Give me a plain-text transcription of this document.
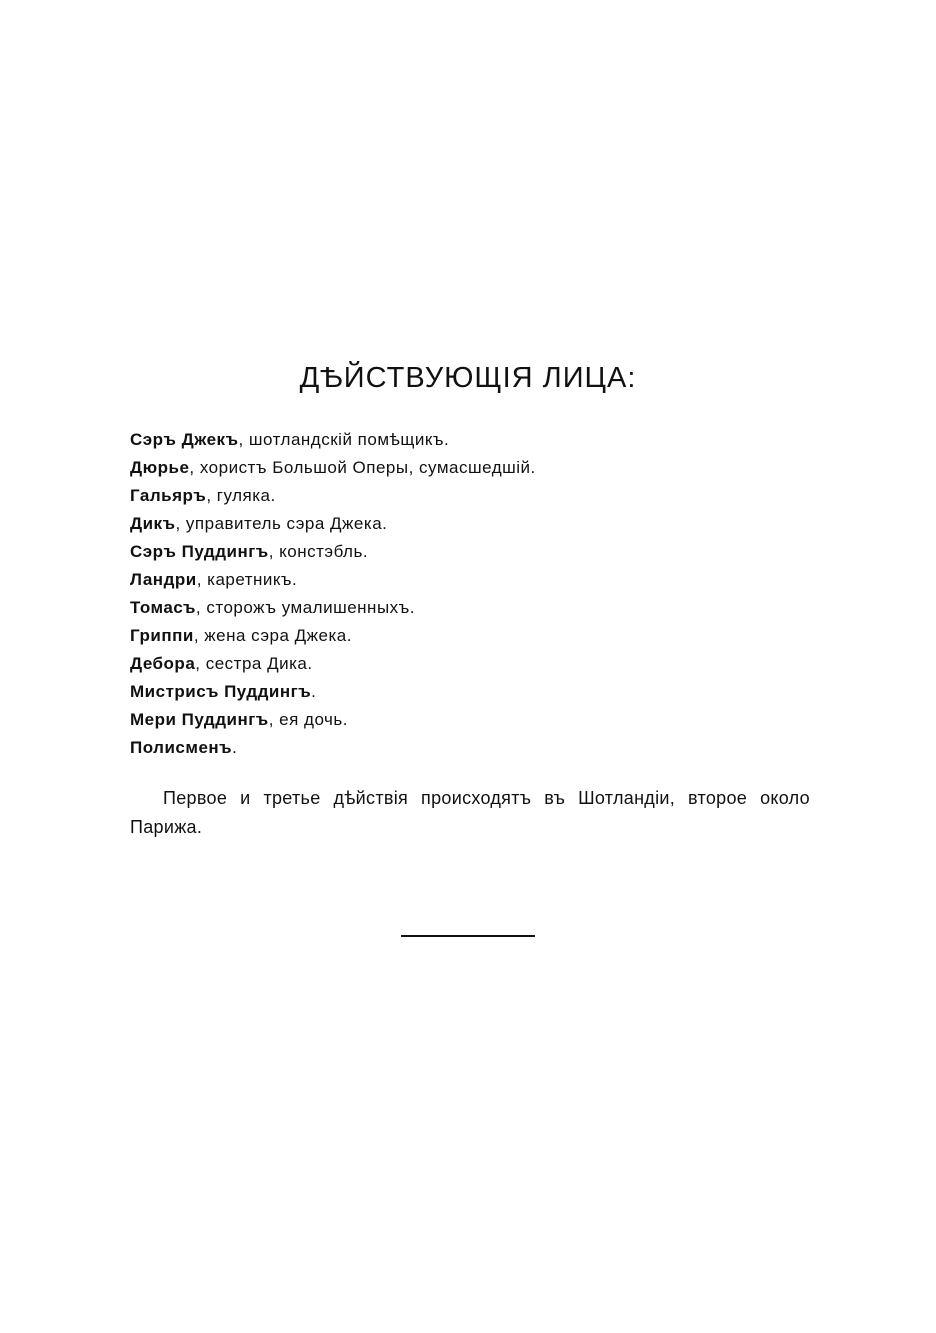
ДѢЙСТВУЮЩІЯ ЛИЦА:
Сэръ Джекъ, шотландскій помѣщикъ.
Дюрье, хористъ Большой Оперы, сумасшедшій.
Гальяръ, гуляка.
Дикъ, управитель сэра Джека.
Сэръ Пуддингъ, констэбль.
Ландри, каретникъ.
Томасъ, сторожъ умалишенныхъ.
Гриппи, жена сэра Джека.
Дебора, сестра Дика.
Мистрисъ Пуддингъ.
Мери Пуддингъ, ея дочь.
Полисменъ.

Первое и третье дѣйствія происходятъ въ Шотландіи, второе около Парижа.
